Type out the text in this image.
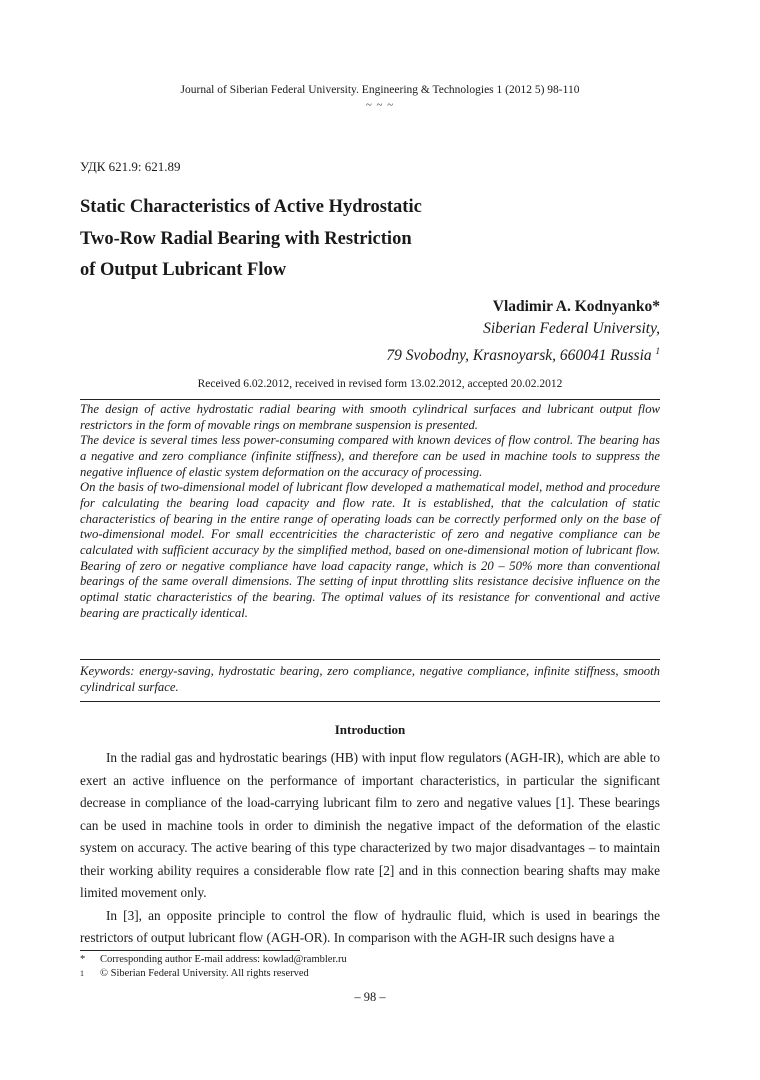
Journal of Siberian Federal University. Engineering & Technologies 1 (2012 5) 98-110
~ ~ ~
УДК 621.9: 621.89
Static Characteristics of Active Hydrostatic
Two-Row Radial Bearing with Restriction
of Output Lubricant Flow
Vladimir A. Kodnyanko*
Siberian Federal University,
79 Svobodny, Krasnoyarsk, 660041 Russia $^1$
Received 6.02.2012, received in revised form 13.02.2012, accepted 20.02.2012

The design of active hydrostatic radial bearing with smooth cylindrical surfaces and lubricant output flow restrictors in the form of movable rings on membrane suspension is presented.

The device is several times less power-consuming compared with known devices of flow control. The bearing has a negative and zero compliance (infinite stiffness), and therefore can be used in machine tools to suppress the negative influence of elastic system deformation on the accuracy of processing.

On the basis of two-dimensional model of lubricant flow developed a mathematical model, method and procedure for calculating the bearing load capacity and flow rate. It is established, that the calculation of static characteristics of bearing in the entire range of operating loads can be correctly performed only on the base of two-dimensional model. For small eccentricities the characteristic of zero and negative compliance can be calculated with sufficient accuracy by the simplified method, based on one-dimensional motion of lubricant flow. Bearing of zero or negative compliance have load capacity range, which is 20 – 50% more than conventional bearings of the same overall dimensions. The setting of input throttling slits resistance decisive influence on the optimal static characteristics of the bearing. The optimal values of its resistance for conventional and active bearing are practically identical.

Keywords: energy-saving, hydrostatic bearing, zero compliance, negative compliance, infinite stiffness, smooth cylindrical surface.
Introduction

In the radial gas and hydrostatic bearings (HB) with input flow regulators (AGH-IR), which are able to exert an active influence on the performance of important characteristics, in particular the significant decrease in compliance of the load-carrying lubricant film to zero and negative values [1]. These bearings can be used in machine tools in order to diminish the negative impact of the deformation of the elastic system on accuracy. The active bearing of this type characterized by two major disadvantages – to maintain their working ability requires a considerable flow rate [2] and in this connection bearing shafts may make limited movement only.

In [3], an opposite principle to control the flow of hydraulic fluid, which is used in bearings the restrictors of output lubricant flow (AGH-OR). In comparison with the AGH-IR such designs have a

*	Corresponding author E-mail address: kowlad@rambler.ru
1	© Siberian Federal University. All rights reserved
– 98 –
